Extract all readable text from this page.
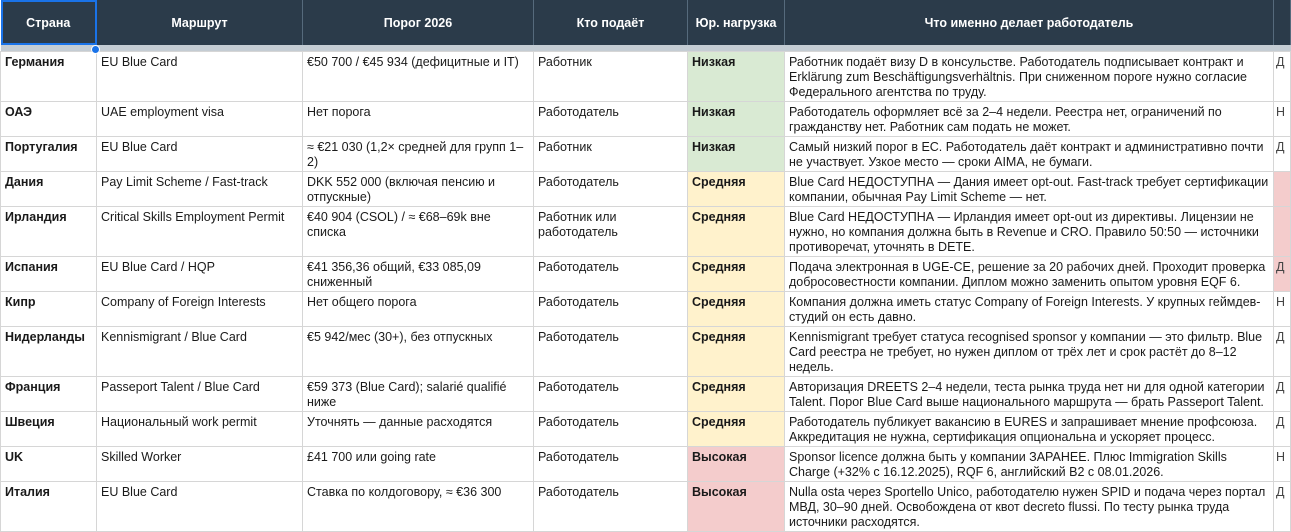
Страна	Маршрут	Порог 2026	Кто подаёт	Юр. нагрузка	Что именно делает работодатель	

Германия	EU Blue Card	€50 700 / €45 934 (дефицитные и IT)	Работник	Низкая	Работник подаёт визу D в консульстве. Работодатель подписывает контракт и Erklärung zum Beschäftigungsverhältnis. При сниженном пороге нужно согласие Федерального агентства по труду.	Д
ОАЭ	UAE employment visa	Нет порога	Работодатель	Низкая	Работодатель оформляет всё за 2–4 недели. Реестра нет, ограничений по гражданству нет. Работник сам подать не может.	Н
Португалия	EU Blue Card	≈ €21 030 (1,2× средней для групп 1–2)	Работник	Низкая	Самый низкий порог в ЕС. Работодатель даёт контракт и административно почти не участвует. Узкое место — сроки AIMA, не бумаги.	Д
Дания	Pay Limit Scheme / Fast-track	DKK 552 000 (включая пенсию и отпускные)	Работодатель	Средняя	Blue Card НЕДОСТУПНА — Дания имеет opt-out. Fast-track требует сертификации компании, обычная Pay Limit Scheme — нет.	
Ирландия	Critical Skills Employment Permit	€40 904 (CSOL) / ≈ €68–69k вне списка	Работник или работодатель	Средняя	Blue Card НЕДОСТУПНА — Ирландия имеет opt-out из директивы. Лицензии не нужно, но компания должна быть в Revenue и CRO. Правило 50:50 — источники противоречат, уточнять в DETE.	
Испания	EU Blue Card / HQP	€41 356,36 общий, €33 085,09 сниженный	Работодатель	Средняя	Подача электронная в UGE-CE, решение за 20 рабочих дней. Проходит проверка добросовестности компании. Диплом можно заменить опытом уровня EQF 6.	Д
Кипр	Company of Foreign Interests	Нет общего порога	Работодатель	Средняя	Компания должна иметь статус Company of Foreign Interests. У крупных геймдев-студий он есть давно.	Н
Нидерланды	Kennismigrant / Blue Card	€5 942/мес (30+), без отпускных	Работодатель	Средняя	Kennismigrant требует статуса recognised sponsor у компании — это фильтр. Blue Card реестра не требует, но нужен диплом от трёх лет и срок растёт до 8–12 недель.	Д
Франция	Passeport Talent / Blue Card	€59 373 (Blue Card); salarié qualifié ниже	Работодатель	Средняя	Авторизация DREETS 2–4 недели, теста рынка труда нет ни для одной категории Talent. Порог Blue Card выше национального маршрута — брать Passeport Talent.	Д
Швеция	Национальный work permit	Уточнять — данные расходятся	Работодатель	Средняя	Работодатель публикует вакансию в EURES и запрашивает мнение профсоюза. Аккредитация не нужна, сертификация опциональна и ускоряет процесс.	Д
UK	Skilled Worker	£41 700 или going rate	Работодатель	Высокая	Sponsor licence должна быть у компании ЗАРАНЕЕ. Плюс Immigration Skills Charge (+32% с 16.12.2025), RQF 6, английский B2 с 08.01.2026.	Н
Италия	EU Blue Card	Ставка по колдоговору, ≈ €36 300	Работодатель	Высокая	Nulla osta через Sportello Unico, работодателю нужен SPID и подача через портал МВД, 30–90 дней. Освобождена от квот decreto flussi. По тесту рынка труда источники расходятся.	Д
